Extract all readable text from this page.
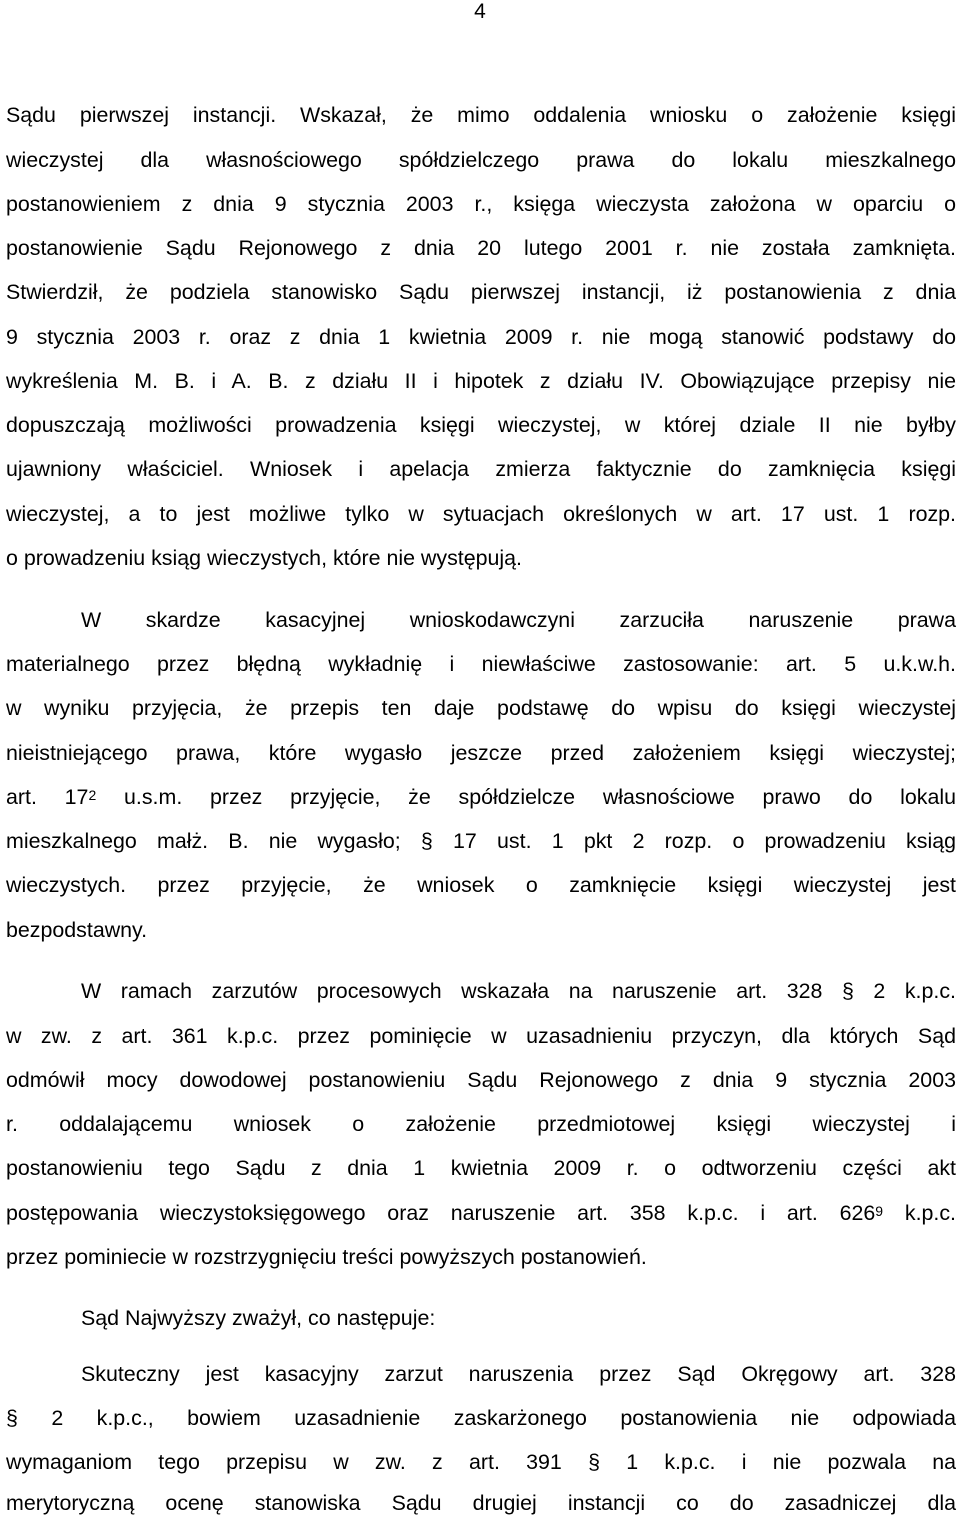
4
Sądu pierwszej instancji. Wskazał, że mimo oddalenia wniosku o założenie księgi
wieczystej dla własnościowego spółdzielczego prawa do lokalu mieszkalnego
postanowieniem z dnia 9 stycznia 2003 r., księga wieczysta założona w oparciu o
postanowienie Sądu Rejonowego z dnia 20 lutego 2001 r. nie została zamknięta.
Stwierdził, że podziela stanowisko Sądu pierwszej instancji, iż postanowienia z dnia
9 stycznia 2003 r. oraz z dnia 1 kwietnia 2009 r. nie mogą stanowić podstawy do
wykreślenia M. B. i A. B. z działu II i hipotek z działu IV. Obowiązujące przepisy nie
dopuszczają możliwości prowadzenia księgi wieczystej, w której dziale II nie byłby
ujawniony właściciel. Wniosek i apelacja zmierza faktycznie do zamknięcia księgi
wieczystej, a to jest możliwe tylko w sytuacjach określonych w art. 17 ust. 1 rozp.
o prowadzeniu ksiąg wieczystych, które nie występują.
W skardze kasacyjnej wnioskodawczyni zarzuciła naruszenie prawa
materialnego przez błędną wykładnię i niewłaściwe zastosowanie: art. 5 u.k.w.h.
w wyniku przyjęcia, że przepis ten daje podstawę do wpisu do księgi wieczystej
nieistniejącego prawa, które wygasło jeszcze przed założeniem księgi wieczystej;
art. $17^2$ u.s.m. przez przyjęcie, że spółdzielcze własnościowe prawo do lokalu
mieszkalnego małż. B. nie wygasło; § 17 ust. 1 pkt 2 rozp. o prowadzeniu ksiąg
wieczystych. przez przyjęcie, że wniosek o zamknięcie księgi wieczystej jest
bezpodstawny.
W ramach zarzutów procesowych wskazała na naruszenie art. 328 § 2 k.p.c.
w zw. z art. 361 k.p.c. przez pominięcie w uzasadnieniu przyczyn, dla których Sąd
odmówił mocy dowodowej postanowieniu Sądu Rejonowego z dnia 9 stycznia 2003
r. oddalającemu wniosek o założenie przedmiotowej księgi wieczystej i
postanowieniu tego Sądu z dnia 1 kwietnia 2009 r. o odtworzeniu części akt
postępowania wieczystoksięgowego oraz naruszenie art. 358 k.p.c. i art. $626^9$ k.p.c.
przez pominiecie w rozstrzygnięciu treści powyższych postanowień.
Sąd Najwyższy zważył, co następuje:
Skuteczny jest kasacyjny zarzut naruszenia przez Sąd Okręgowy art. 328
§ 2 k.p.c., bowiem uzasadnienie zaskarżonego postanowienia nie odpowiada
wymaganiom tego przepisu w zw. z art. 391 § 1 k.p.c. i nie pozwala na
merytoryczną ocenę stanowiska Sądu drugiej instancji co do zasadniczej dla
